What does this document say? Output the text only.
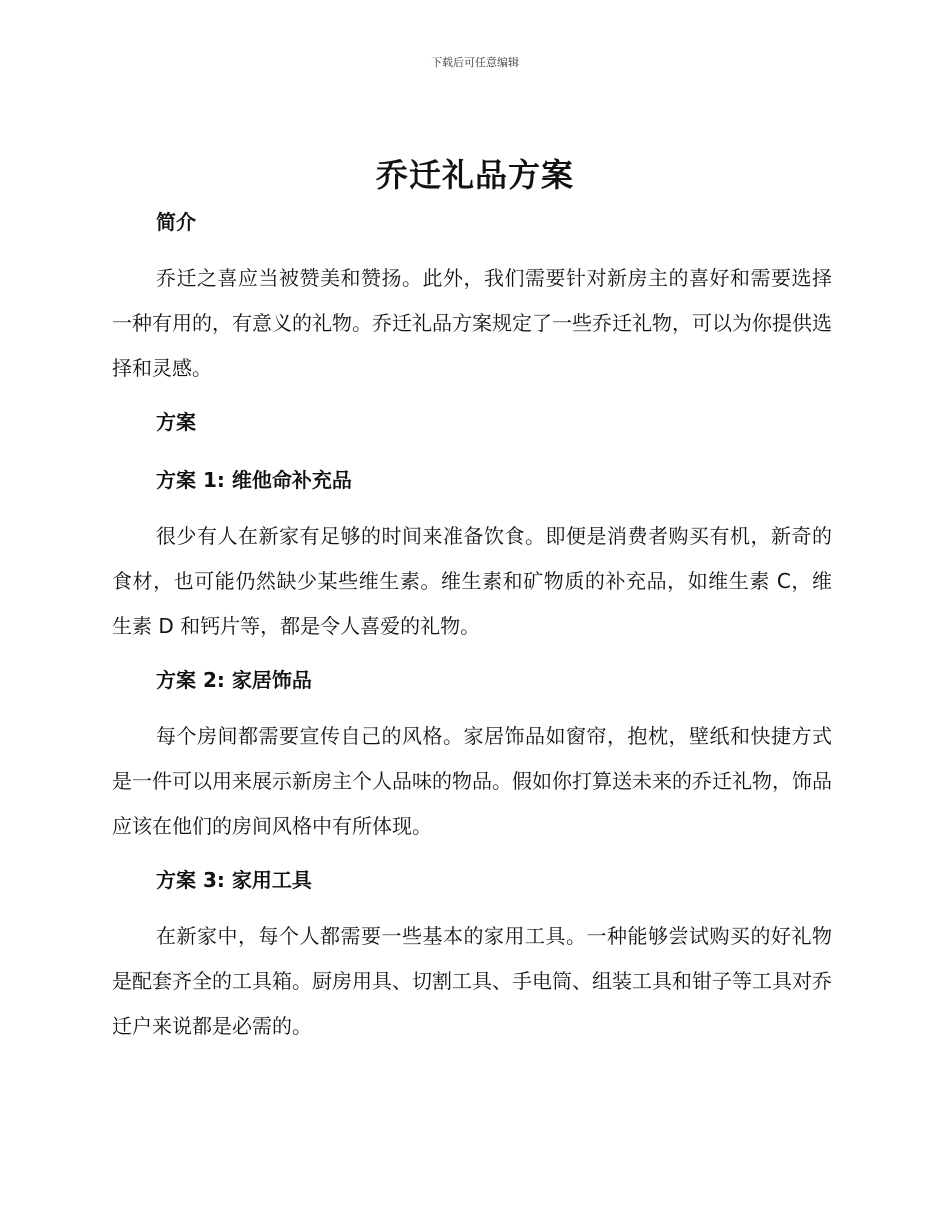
下载后可任意编辑
乔迁礼品方案

简介

乔迁之喜应当被赞美和赞扬。此外，我们需要针对新房主的喜好和需要选择一种有用的，有意义的礼物。乔迁礼品方案规定了一些乔迁礼物，可以为你提供选择和灵感。

方案

方案 1: 维他命补充品

很少有人在新家有足够的时间来准备饮食。即便是消费者购买有机，新奇的食材，也可能仍然缺少某些维生素。维生素和矿物质的补充品，如维生素 C，维生素 D 和钙片等，都是令人喜爱的礼物。

方案 2: 家居饰品

每个房间都需要宣传自己的风格。家居饰品如窗帘，抱枕，壁纸和快捷方式是一件可以用来展示新房主个人品味的物品。假如你打算送未来的乔迁礼物，饰品应该在他们的房间风格中有所体现。

方案 3: 家用工具

在新家中，每个人都需要一些基本的家用工具。一种能够尝试购买的好礼物是配套齐全的工具箱。厨房用具、切割工具、手电筒、组装工具和钳子等工具对乔迁户来说都是必需的。
